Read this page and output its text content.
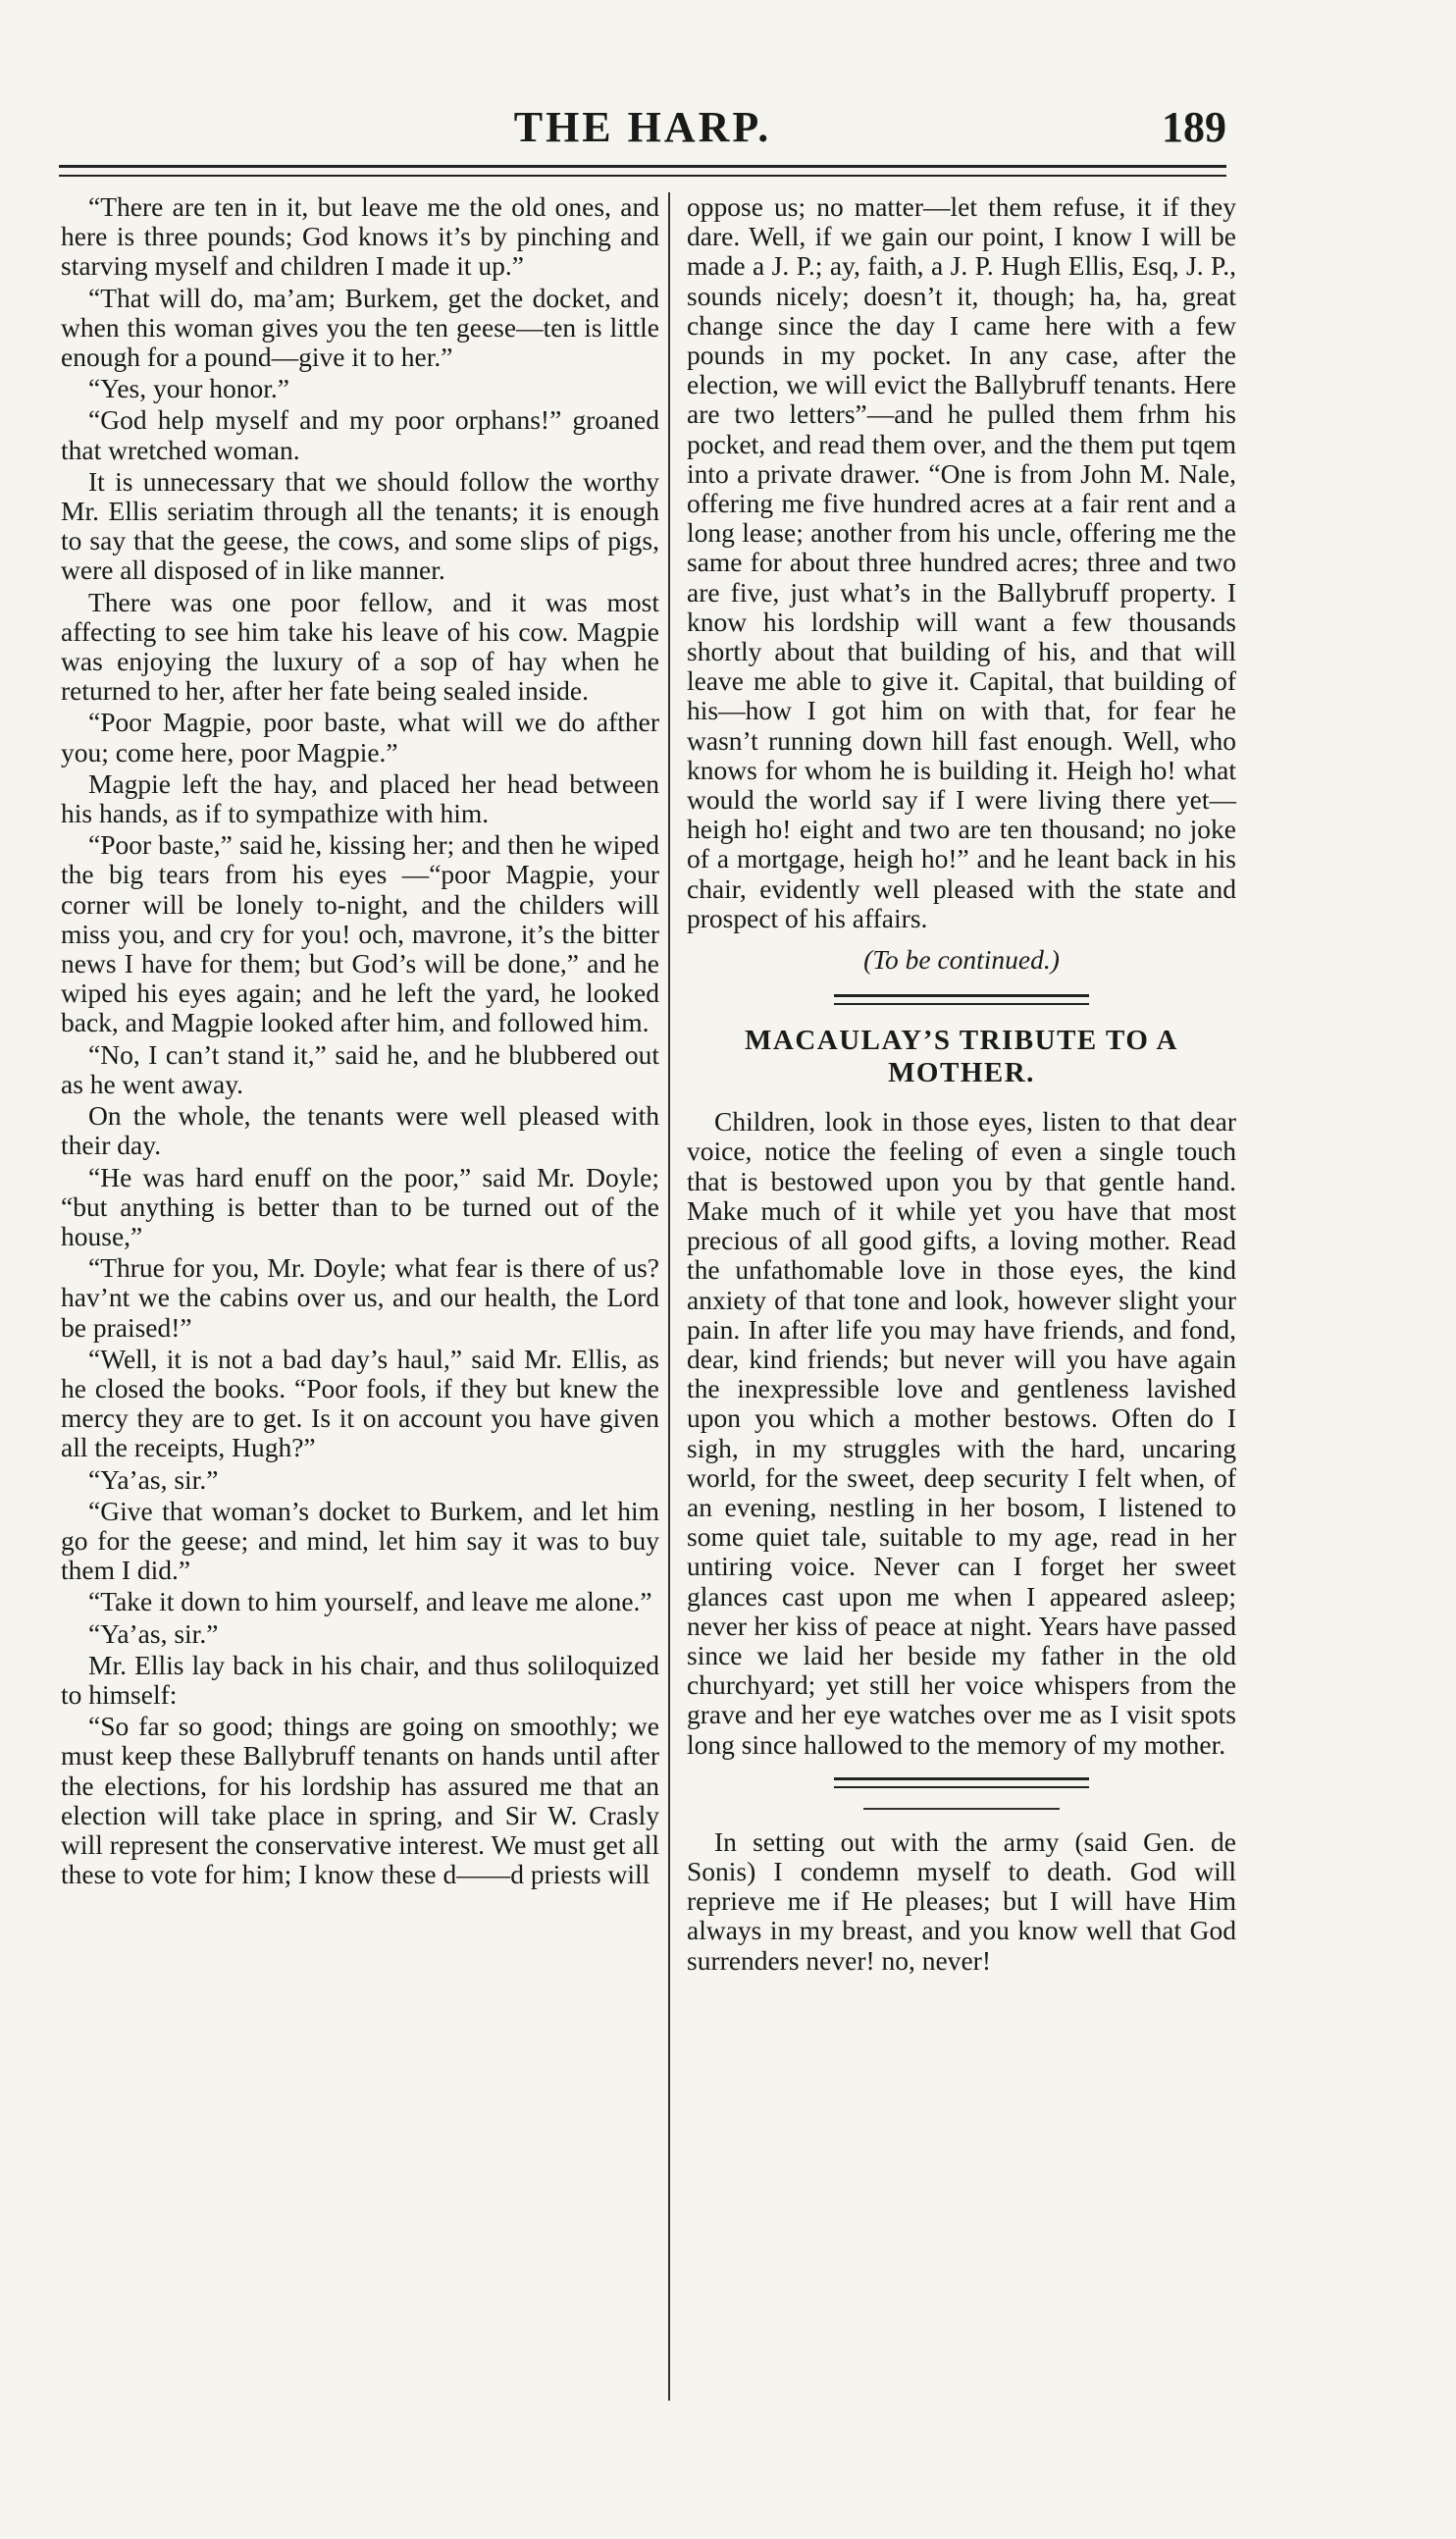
THE HARP.	189

“There are ten in it, but leave me the old ones, and here is three pounds; God knows it’s by pinching and starving myself and children I made it up.”

“That will do, ma’am; Burkem, get the docket, and when this woman gives you the ten geese—ten is little enough for a pound—give it to her.”

“Yes, your honor.”

“God help myself and my poor orphans!” groaned that wretched woman.

It is unnecessary that we should follow the worthy Mr. Ellis seriatim through all the tenants; it is enough to say that the geese, the cows, and some slips of pigs, were all disposed of in like manner.

There was one poor fellow, and it was most affecting to see him take his leave of his cow. Magpie was enjoying the luxury of a sop of hay when he returned to her, after her fate being sealed inside.

“Poor Magpie, poor baste, what will we do afther you; come here, poor Magpie.”

Magpie left the hay, and placed her head between his hands, as if to sympathize with him.

“Poor baste,” said he, kissing her; and then he wiped the big tears from his eyes —“poor Magpie, your corner will be lonely to-night, and the childers will miss you, and cry for you! och, mavrone, it’s the bitter news I have for them; but God’s will be done,” and he wiped his eyes again; and he left the yard, he looked back, and Magpie looked after him, and followed him.

“No, I can’t stand it,” said he, and he blubbered out as he went away.

On the whole, the tenants were well pleased with their day.

“He was hard enuff on the poor,” said Mr. Doyle; “but anything is better than to be turned out of the house,”

“Thrue for you, Mr. Doyle; what fear is there of us? hav’nt we the cabins over us, and our health, the Lord be praised!”

“Well, it is not a bad day’s haul,” said Mr. Ellis, as he closed the books. “Poor fools, if they but knew the mercy they are to get. Is it on account you have given all the receipts, Hugh?”

“Ya’as, sir.”

“Give that woman’s docket to Burkem, and let him go for the geese; and mind, let him say it was to buy them I did.”

“Take it down to him yourself, and leave me alone.”

“Ya’as, sir.”

Mr. Ellis lay back in his chair, and thus soliloquized to himself:

“So far so good; things are going on smoothly; we must keep these Ballybruff tenants on hands until after the elections, for his lordship has assured me that an election will take place in spring, and Sir W. Crasly will represent the conservative interest. We must get all these to vote for him; I know these d——d priests will

oppose us; no matter—let them refuse, it if they dare. Well, if we gain our point, I know I will be made a J. P.; ay, faith, a J. P. Hugh Ellis, Esq, J. P., sounds nicely; doesn’t it, though; ha, ha, great change since the day I came here with a few pounds in my pocket. In any case, after the election, we will evict the Ballybruff tenants. Here are two letters”—and he pulled them frhm his pocket, and read them over, and the them put tqem into a private drawer. “One is from John M. Nale, offering me five hundred acres at a fair rent and a long lease; another from his uncle, offering me the same for about three hundred acres; three and two are five, just what’s in the Ballybruff property. I know his lordship will want a few thousands shortly about that building of his, and that will leave me able to give it. Capital, that building of his—how I got him on with that, for fear he wasn’t running down hill fast enough. Well, who knows for whom he is building it. Heigh ho! what would the world say if I were living there yet—heigh ho! eight and two are ten thousand; no joke of a mortgage, heigh ho!” and he leant back in his chair, evidently well pleased with the state and prospect of his affairs.

(To be continued.)

MACAULAY’S TRIBUTE TO A MOTHER.

Children, look in those eyes, listen to that dear voice, notice the feeling of even a single touch that is bestowed upon you by that gentle hand. Make much of it while yet you have that most precious of all good gifts, a loving mother. Read the unfathomable love in those eyes, the kind anxiety of that tone and look, however slight your pain. In after life you may have friends, and fond, dear, kind friends; but never will you have again the inexpressible love and gentleness lavished upon you which a mother bestows. Often do I sigh, in my struggles with the hard, uncaring world, for the sweet, deep security I felt when, of an evening, nestling in her bosom, I listened to some quiet tale, suitable to my age, read in her untiring voice. Never can I forget her sweet glances cast upon me when I appeared asleep; never her kiss of peace at night. Years have passed since we laid her beside my father in the old churchyard; yet still her voice whispers from the grave and her eye watches over me as I visit spots long since hallowed to the memory of my mother.

In setting out with the army (said Gen. de Sonis) I condemn myself to death. God will reprieve me if He pleases; but I will have Him always in my breast, and you know well that God surrenders never! no, never!
